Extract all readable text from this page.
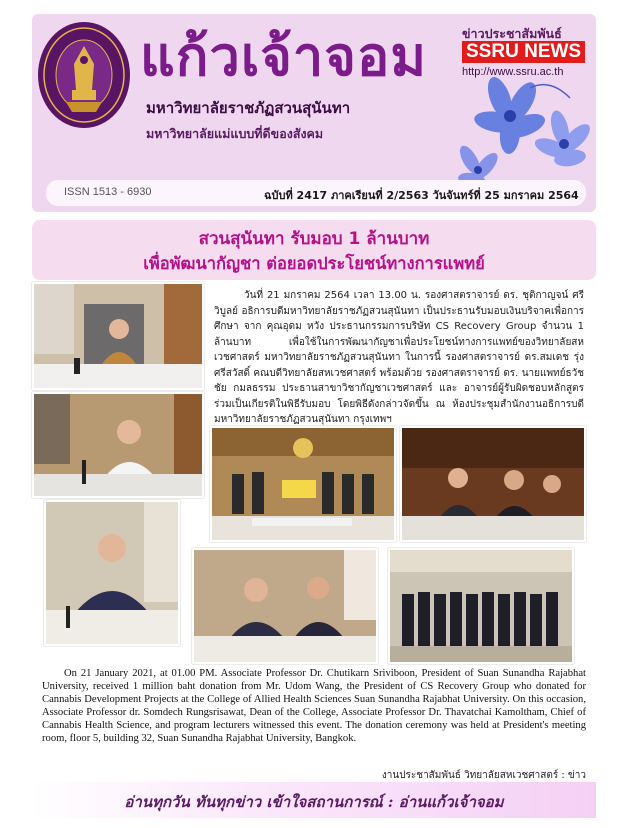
แก้วเจ้าจอม
มหาวิทยาลัยราชภัฏสวนสุนันทา
มหาวิทยาลัยแม่แบบที่ดีของสังคม
ข่าวประชาสัมพันธ์
SSRU NEWS
http://www.ssru.ac.th
ISSN 1513 - 6930	ฉบับที่ 2417 ภาคเรียนที่ 2/2563 วันจันทร์ที่ 25 มกราคม 2564
สวนสุนันทา รับมอบ 1 ล้านบาท
เพื่อพัฒนากัญชา ต่อยอดประโยชน์ทางการแพทย์
วันที่ 21 มกราคม 2564 เวลา 13.00 น. รองศาสตราจารย์ ดร. ชุติกาญจน์ ศรีวิบูลย์ อธิการบดีมหาวิทยาลัยราชภัฏสวนสุนันทา เป็นประธานรับมอบเงินบริจาคเพื่อการศึกษา จาก คุณอุดม หวัง ประธานกรรมการบริษัท CS Recovery Group จำนวน 1 ล้านบาท เพื่อใช้ในการพัฒนากัญชาเพื่อประโยชน์ทางการแพทย์ของวิทยาลัยสหเวชศาสตร์ มหาวิทยาลัยราชภัฏสวนสุนันทา ในการนี้ รองศาสตราจารย์ ดร.สมเดช รุ่งศรีสวัสดิ์ คณบดีวิทยาลัยสหเวชศาสตร์ พร้อมด้วย รองศาสตราจารย์ ดร. นายแพทย์ธวัชชัย กมลธรรม ประธานสาขาวิชากัญชาเวชศาสตร์ และ อาจารย์ผู้รับผิดชอบหลักสูตรร่วมเป็นเกียรติในพิธีรับมอบ โดยพิธีดังกล่าวจัดขึ้น ณ ห้องประชุมสำนักงานอธิการบดี มหาวิทยาลัยราชภัฏสวนสุนันทา กรุงเทพฯ
On 21 January 2021, at 01.00 PM. Associate Professor Dr. Chutikarn Sriviboon, President of Suan Sunandha Rajabhat University, received 1 million baht donation from Mr. Udom Wang, the President of CS Recovery Group who donated for Cannabis Development Projects at the College of Allied Health Sciences Suan Sunandha Rajabhat University. On this occasion, Associate Professor dr. Somdech Rungsrisawat, Dean of the College, Associate Professor Dr. Thavatchai Kamoltham, Chief of Cannabis Health Science, and program lecturers witnessed this event. The donation ceremony was held at President's meeting room, floor 5, building 32, Suan Sunandha Rajabhat University, Bangkok.
งานประชาสัมพันธ์ วิทยาลัยสหเวชศาสตร์ : ข่าว
อ่านทุกวัน ทันทุกข่าว เข้าใจสถานการณ์ : อ่านแก้วเจ้าจอม
